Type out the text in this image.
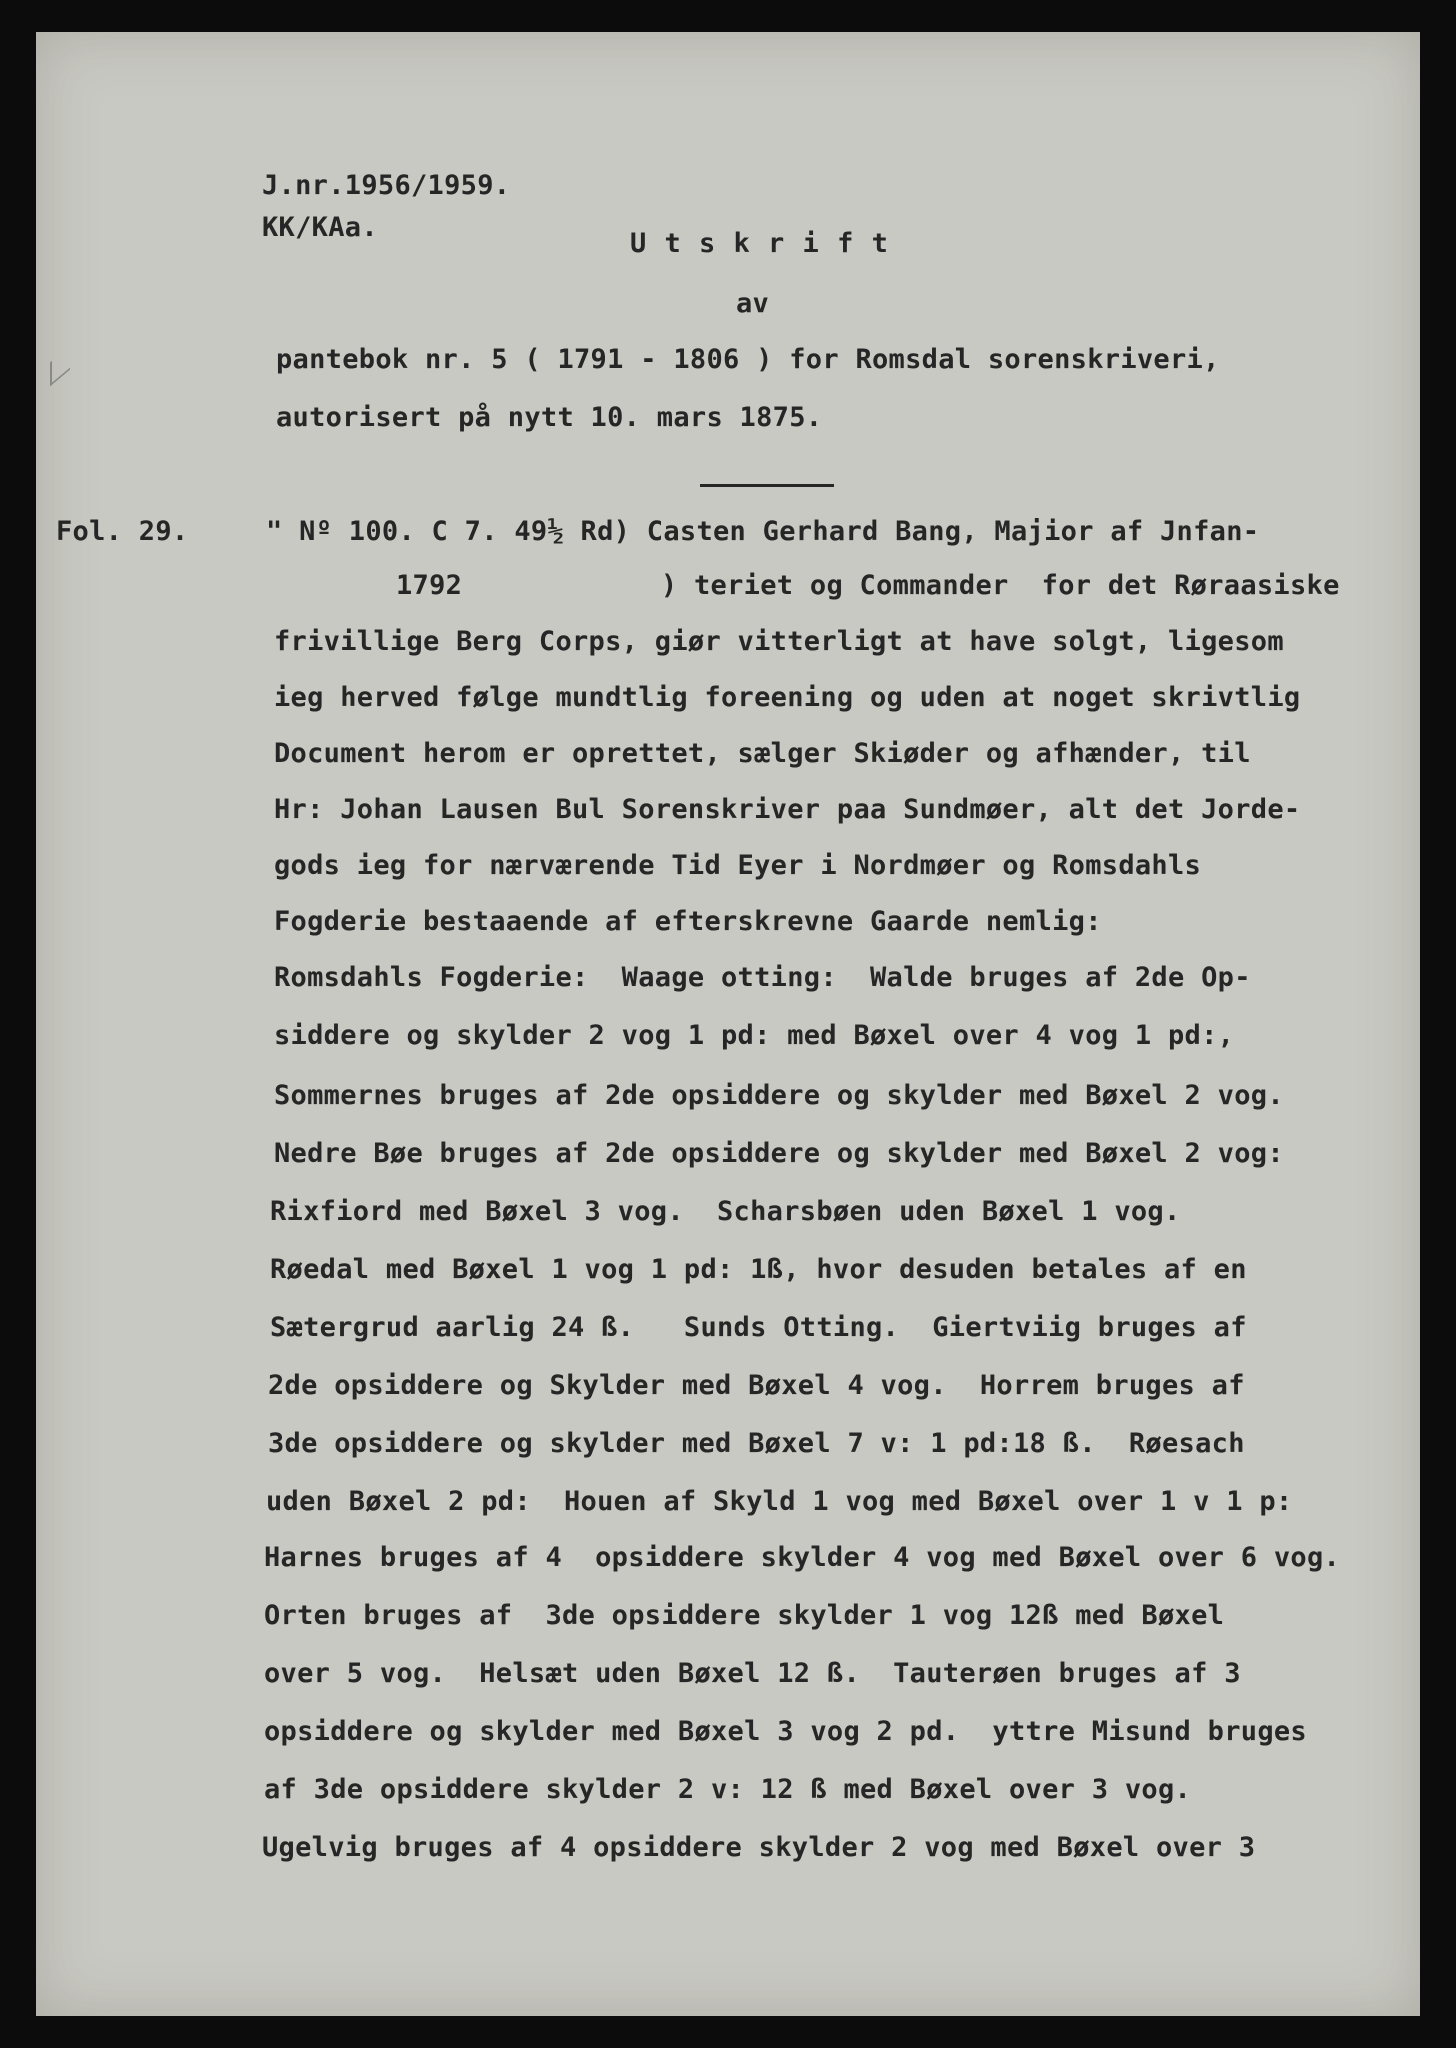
J.nr.1956/1959.
KK/KAa.
U t s k r i f t
av
pantebok nr. 5 ( 1791 - 1806 ) for Romsdal sorenskriveri,
autorisert på nytt 10. mars 1875.
Fol. 29.	" Nº 100. C 7. 49½ Rd) Casten Gerhard Bang, Majior af Jnfan-
1792            ) teriet og Commander  for det Røraasiske
frivillige Berg Corps, giør vitterligt at have solgt, ligesom
ieg herved følge mundtlig foreening og uden at noget skrivtlig
Document herom er oprettet, sælger Skiøder og afhænder, til
Hr: Johan Lausen Bul Sorenskriver paa Sundmøer, alt det Jorde-
gods ieg for nærværende Tid Eyer i Nordmøer og Romsdahls
Fogderie bestaaende af efterskrevne Gaarde nemlig:
Romsdahls Fogderie:  Waage otting:  Walde bruges af 2de Op-
siddere og skylder 2 vog 1 pd: med Bøxel over 4 vog 1 pd:,
Sommernes bruges af 2de opsiddere og skylder med Bøxel 2 vog.
Nedre Bøe bruges af 2de opsiddere og skylder med Bøxel 2 vog:
Rixfiord med Bøxel 3 vog.  Scharsbøen uden Bøxel 1 vog.
Røedal med Bøxel 1 vog 1 pd: 1ß, hvor desuden betales af en
Sætergrud aarlig 24 ß.   Sunds Otting.  Giertviig bruges af
2de opsiddere og Skylder med Bøxel 4 vog.  Horrem bruges af
3de opsiddere og skylder med Bøxel 7 v: 1 pd:18 ß.  Røesach
uden Bøxel 2 pd:  Houen af Skyld 1 vog med Bøxel over 1 v 1 p:
Harnes bruges af 4  opsiddere skylder 4 vog med Bøxel over 6 vog.
Orten bruges af  3de opsiddere skylder 1 vog 12ß med Bøxel
over 5 vog.  Helsæt uden Bøxel 12 ß.  Tauterøen bruges af 3
opsiddere og skylder med Bøxel 3 vog 2 pd.  yttre Misund bruges
af 3de opsiddere skylder 2 v: 12 ß med Bøxel over 3 vog.
Ugelvig bruges af 4 opsiddere skylder 2 vog med Bøxel over 3
